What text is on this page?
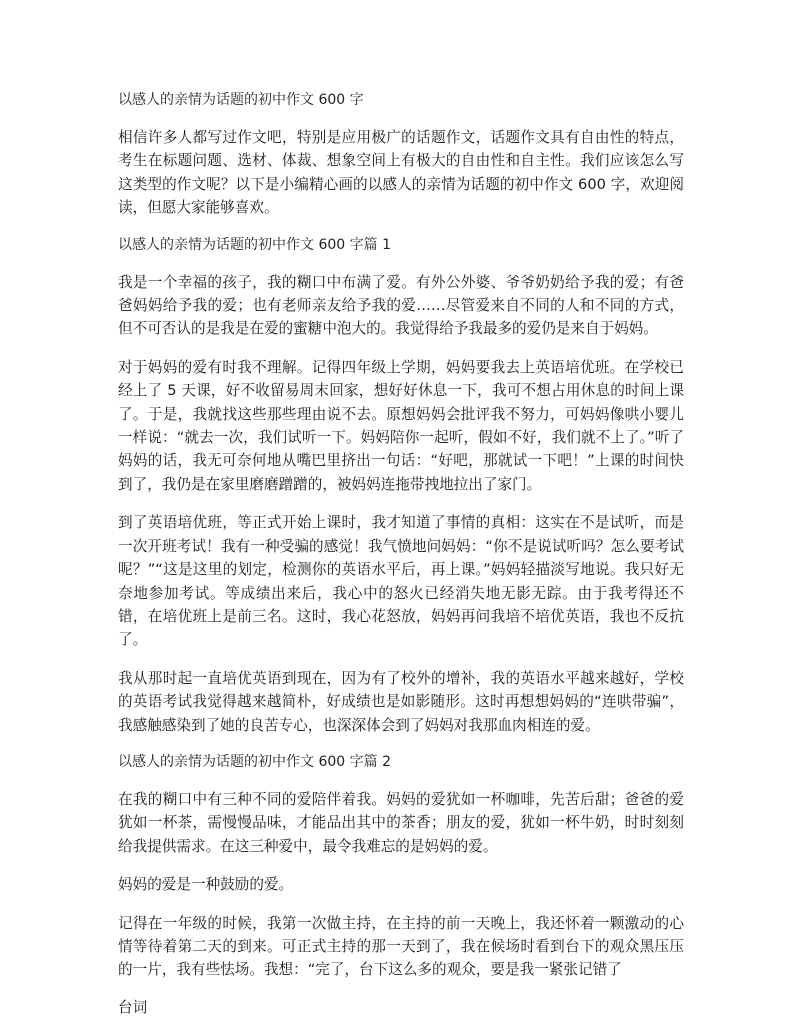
以感人的亲情为话题的初中作文 600 字

相信许多人都写过作文吧，特别是应用极广的话题作文，话题作文具有自由性的特点，考生在标题问题、选材、体裁、想象空间上有极大的自由性和自主性。我们应该怎么写这类型的作文呢？以下是小编精心画的以感人的亲情为话题的初中作文 600 字，欢迎阅读，但愿大家能够喜欢。

以感人的亲情为话题的初中作文 600 字篇 1

我是一个幸福的孩子，我的糊口中布满了爱。有外公外婆、爷爷奶奶给予我的爱；有爸爸妈妈给予我的爱；也有老师亲友给予我的爱……尽管爱来自不同的人和不同的方式，但不可否认的是我是在爱的蜜糖中泡大的。我觉得给予我最多的爱仍是来自于妈妈。

对于妈妈的爱有时我不理解。记得四年级上学期，妈妈要我去上英语培优班。在学校已经上了 5 天课，好不收留易周末回家，想好好休息一下，我可不想占用休息的时间上课了。于是，我就找这些那些理由说不去。原想妈妈会批评我不努力，可妈妈像哄小婴儿一样说：“就去一次，我们试听一下。妈妈陪你一起听，假如不好，我们就不上了。”听了妈妈的话，我无可奈何地从嘴巴里挤出一句话：“好吧，那就试一下吧！”上课的时间快到了，我仍是在家里磨磨蹭蹭的，被妈妈连拖带拽地拉出了家门。

到了英语培优班，等正式开始上课时，我才知道了事情的真相：这实在不是试听，而是一次开班考试！我有一种受骗的感觉！我气愤地问妈妈：“你不是说试听吗？怎么要考试呢？”“这是这里的划定，检测你的英语水平后，再上课。”妈妈轻描淡写地说。我只好无奈地参加考试。等成绩出来后，我心中的怒火已经消失地无影无踪。由于我考得还不错，在培优班上是前三名。这时，我心花怒放，妈妈再问我培不培优英语，我也不反抗了。

我从那时起一直培优英语到现在，因为有了校外的增补，我的英语水平越来越好，学校的英语考试我觉得越来越简朴，好成绩也是如影随形。这时再想想妈妈的“连哄带骗”，我感触感染到了她的良苦专心，也深深体会到了妈妈对我那血肉相连的爱。

以感人的亲情为话题的初中作文 600 字篇 2

在我的糊口中有三种不同的爱陪伴着我。妈妈的爱犹如一杯咖啡，先苦后甜；爸爸的爱犹如一杯茶，需慢慢品味，才能品出其中的茶香；朋友的爱，犹如一杯牛奶，时时刻刻给我提供需求。在这三种爱中，最令我难忘的是妈妈的爱。

妈妈的爱是一种鼓励的爱。

记得在一年级的时候，我第一次做主持，在主持的前一天晚上，我还怀着一颗激动的心情等待着第二天的到来。可正式主持的那一天到了，我在候场时看到台下的观众黑压压的一片，我有些怯场。我想：“完了，台下这么多的观众，要是我一紧张记错了

台词
